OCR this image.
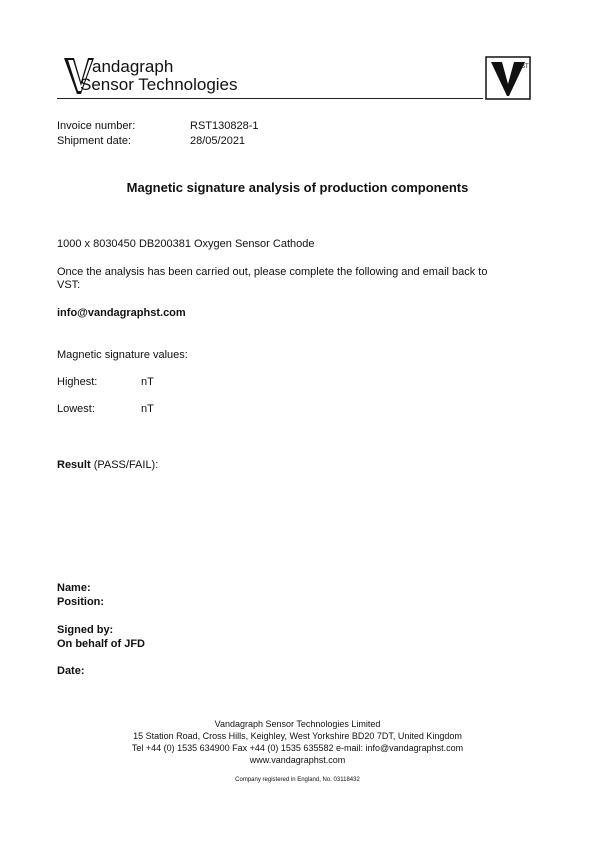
andagraph
Sensor Technologies
VST
Invoice number:	RST130828-1
Shipment date:	28/05/2021
Magnetic signature analysis of production components
1000 x 8030450 DB200381 Oxygen Sensor Cathode
Once the analysis has been carried out, please complete the following and email back to
VST:
info@vandagraphst.com
Magnetic signature values:
Highest:	nT
Lowest:	nT
Result (PASS/FAIL):
Name:
Position:
Signed by:
On behalf of JFD
Date:
Vandagraph Sensor Technologies Limited
15 Station Road, Cross Hills, Keighley, West Yorkshire BD20 7DT, United Kingdom
Tel +44 (0) 1535 634900 Fax +44 (0) 1535 635582 e-mail: info@vandagraphst.com
www.vandagraphst.com
Company registered in England, No. 03118432
